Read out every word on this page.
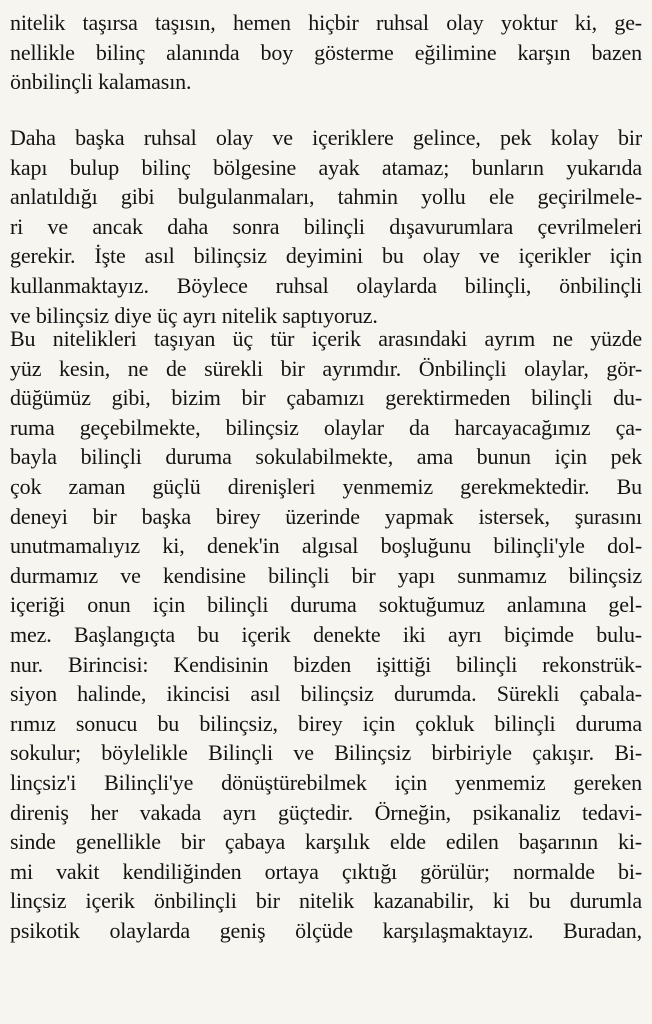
nitelik taşırsa taşısın, hemen hiçbir ruhsal olay yoktur ki, ge-
nellikle bilinç alanında boy gösterme eğilimine karşın bazen
önbilinçli kalamasın.
Daha başka ruhsal olay ve içeriklere gelince, pek kolay bir
kapı bulup bilinç bölgesine ayak atamaz; bunların yukarıda
anlatıldığı gibi bulgulanmaları, tahmin yollu ele geçirilmele-
ri ve ancak daha sonra bilinçli dışavurumlara çevrilmeleri
gerekir. İşte asıl bilinçsiz deyimini bu olay ve içerikler için
kullanmaktayız. Böylece ruhsal olaylarda bilinçli, önbilinçli
ve bilinçsiz diye üç ayrı nitelik saptıyoruz.
Bu nitelikleri taşıyan üç tür içerik arasındaki ayrım ne yüzde
yüz kesin, ne de sürekli bir ayrımdır. Önbilinçli olaylar, gör-
düğümüz gibi, bizim bir çabamızı gerektirmeden bilinçli du-
ruma geçebilmekte, bilinçsiz olaylar da harcayacağımız ça-
bayla bilinçli duruma sokulabilmekte, ama bunun için pek
çok zaman güçlü direnişleri yenmemiz gerekmektedir. Bu
deneyi bir başka birey üzerinde yapmak istersek, şurasını
unutmamalıyız ki, denek'in algısal boşluğunu bilinçli'yle dol-
durmamız ve kendisine bilinçli bir yapı sunmamız bilinçsiz
içeriği onun için bilinçli duruma soktuğumuz anlamına gel-
mez. Başlangıçta bu içerik denekte iki ayrı biçimde bulu-
nur. Birincisi: Kendisinin bizden işittiği bilinçli rekonstrük-
siyon halinde, ikincisi asıl bilinçsiz durumda. Sürekli çabala-
rımız sonucu bu bilinçsiz, birey için çokluk bilinçli duruma
sokulur; böylelikle Bilinçli ve Bilinçsiz birbiriyle çakışır. Bi-
linçsiz'i Bilinçli'ye dönüştürebilmek için yenmemiz gereken
direniş her vakada ayrı güçtedir. Örneğin, psikanaliz tedavi-
sinde genellikle bir çabaya karşılık elde edilen başarının ki-
mi vakit kendiliğinden ortaya çıktığı görülür; normalde bi-
linçsiz içerik önbilinçli bir nitelik kazanabilir, ki bu durumla
psikotik olaylarda geniş ölçüde karşılaşmaktayız. Buradan,
